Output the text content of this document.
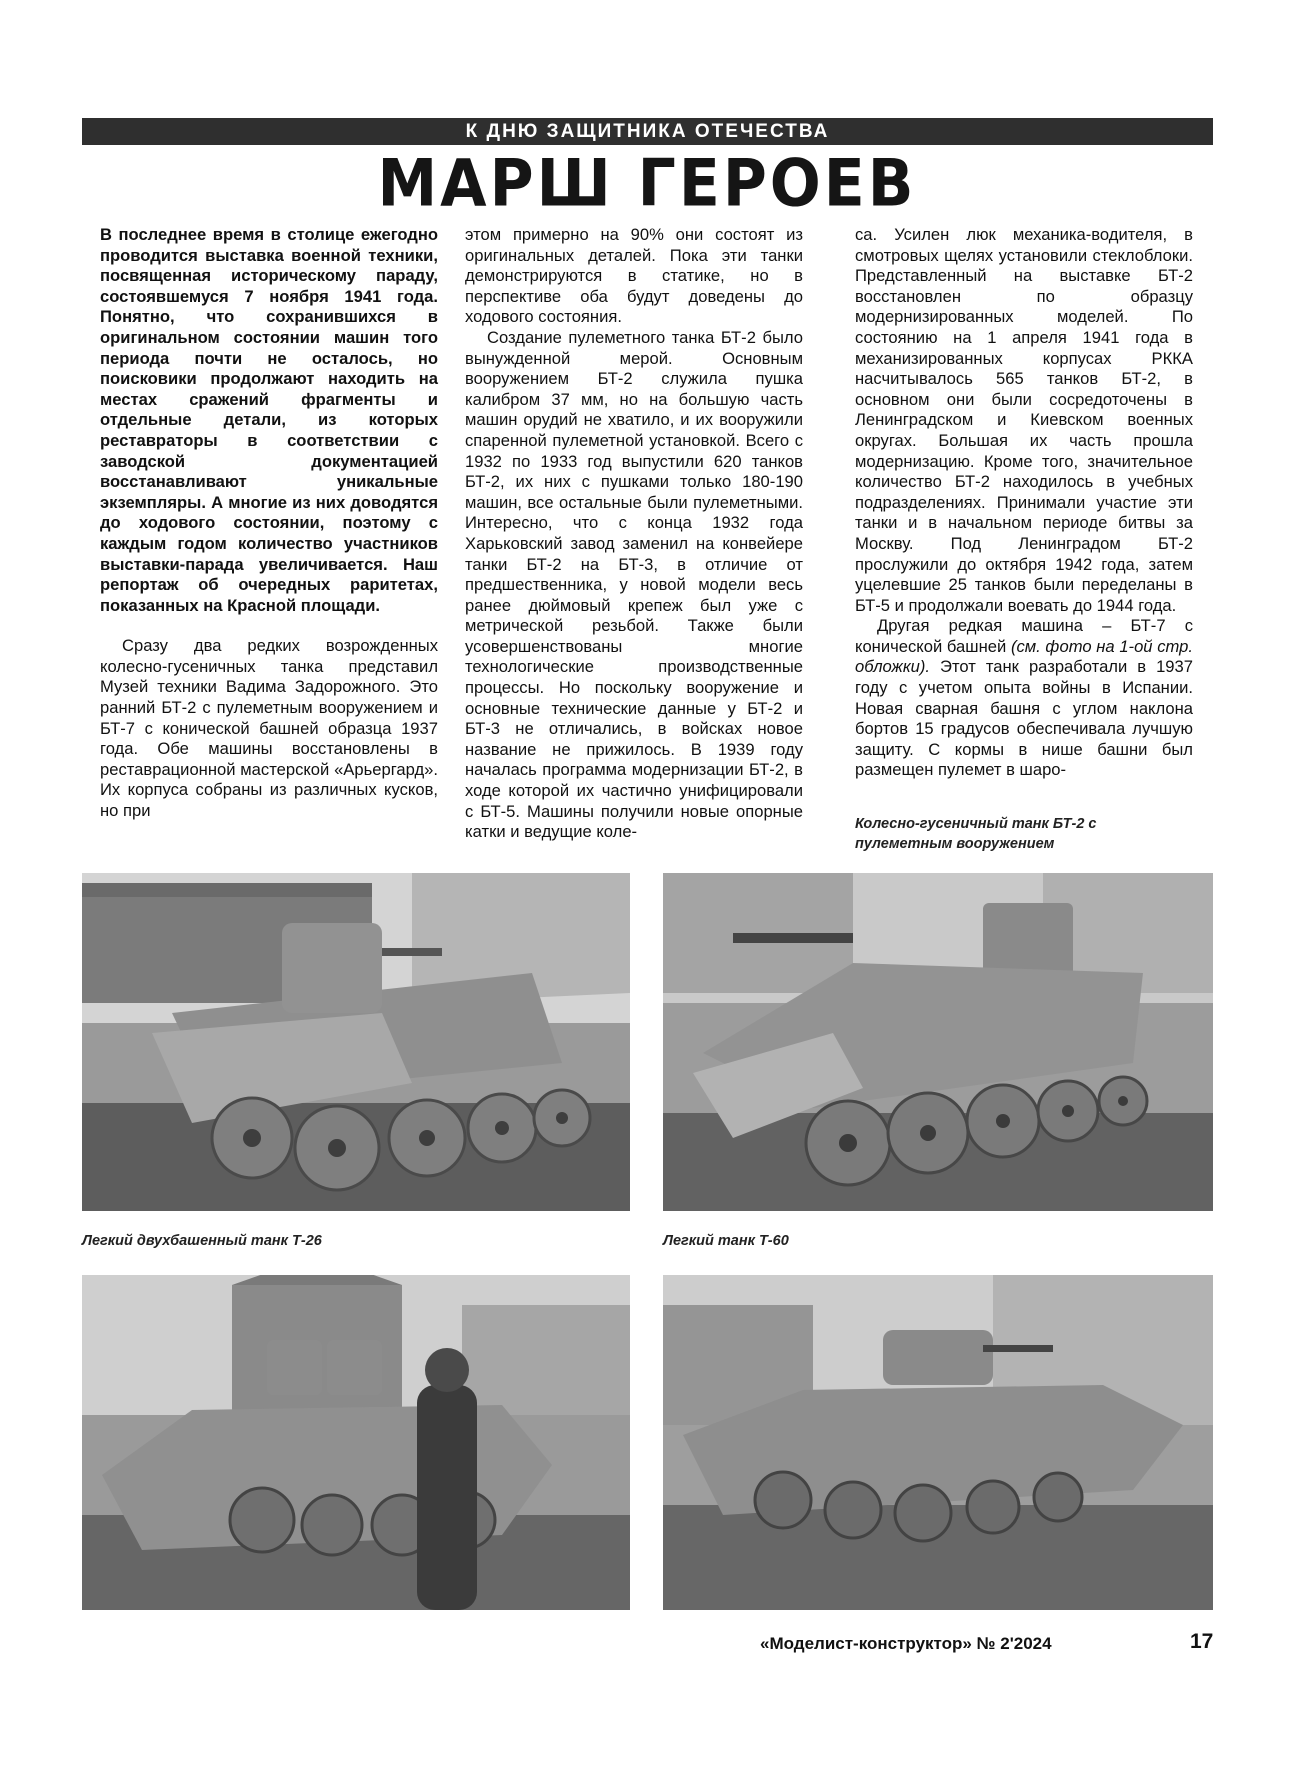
К ДНЮ ЗАЩИТНИКА ОТЕЧЕСТВА
МАРШ ГЕРОЕВ

В последнее время в столице ежегодно проводится выставка военной техники, посвященная историческому параду, состоявшемуся 7 ноября 1941 года. Понятно, что сохранившихся в оригинальном состоянии машин того периода почти не осталось, но поисковики продолжают находить на местах сражений фрагменты и отдельные детали, из которых реставраторы в соответствии с заводской документацией восстанавливают уникальные экземпляры. А многие из них доводятся до ходового состоянии, поэтому с каждым годом количество участников выставки-парада увеличивается. Наш репортаж об очередных раритетах, показанных на Красной площади.

Сразу два редких возрожденных колесно-гусеничных танка представил Музей техники Вадима Задорожного. Это ранний БТ-2 с пулеметным вооружением и БТ-7 с конической башней образца 1937 года. Обе машины восстановлены в реставрационной мастерской «Арьергард». Их корпуса собраны из различных кусков, но при

этом примерно на 90% они состоят из оригинальных деталей. Пока эти танки демонстрируются в статике, но в перспективе оба будут доведены до ходового состояния.

Создание пулеметного танка БТ-2 было вынужденной мерой. Основным вооружением БТ-2 служила пушка калибром 37 мм, но на большую часть машин орудий не хватило, и их вооружили спаренной пулеметной установкой. Всего с 1932 по 1933 год выпустили 620 танков БТ-2, их них с пушками только 180-190 машин, все остальные были пулеметными. Интересно, что с конца 1932 года Харьковский завод заменил на конвейере танки БТ-2 на БТ-3, в отличие от предшественника, у новой модели весь ранее дюймовый крепеж был уже с метрической резьбой. Также были усовершенствованы многие технологические производственные процессы. Но поскольку вооружение и основные технические данные у БТ-2 и БТ-3 не отличались, в войсках новое название не прижилось. В 1939 году началась программа модернизации БТ-2, в ходе которой их частично унифицировали с БТ-5. Машины получили новые опорные катки и ведущие коле-

са. Усилен люк механика-водителя, в смотровых щелях установили стеклоблоки. Представленный на выставке БТ-2 восстановлен по образцу модернизированных моделей. По состоянию на 1 апреля 1941 года в механизированных корпусах РККА насчитывалось 565 танков БТ-2, в основном они были сосредоточены в Ленинградском и Киевском военных округах. Большая их часть прошла модернизацию. Кроме того, значительное количество БТ-2 находилось в учебных подразделениях. Принимали участие эти танки и в начальном периоде битвы за Москву. Под Ленинградом БТ-2 прослужили до октября 1942 года, затем уцелевшие 25 танков были переделаны в БТ-5 и продолжали воевать до 1944 года.

Другая редкая машина – БТ-7 с конической башней (см. фото на 1-ой стр. обложки). Этот танк разработали в 1937 году с учетом опыта войны в Испании. Новая сварная башня с углом наклона бортов 15 градусов обеспечивала лучшую защиту. С кормы в нише башни был размещен пулемет в шаро-

Колесно-гусеничный танк БТ-2 с пулеметным вооружением
Легкий двухбашенный танк Т-26	Легкий танк Т-60
«Моделист-конструктор» № 2'2024	17
